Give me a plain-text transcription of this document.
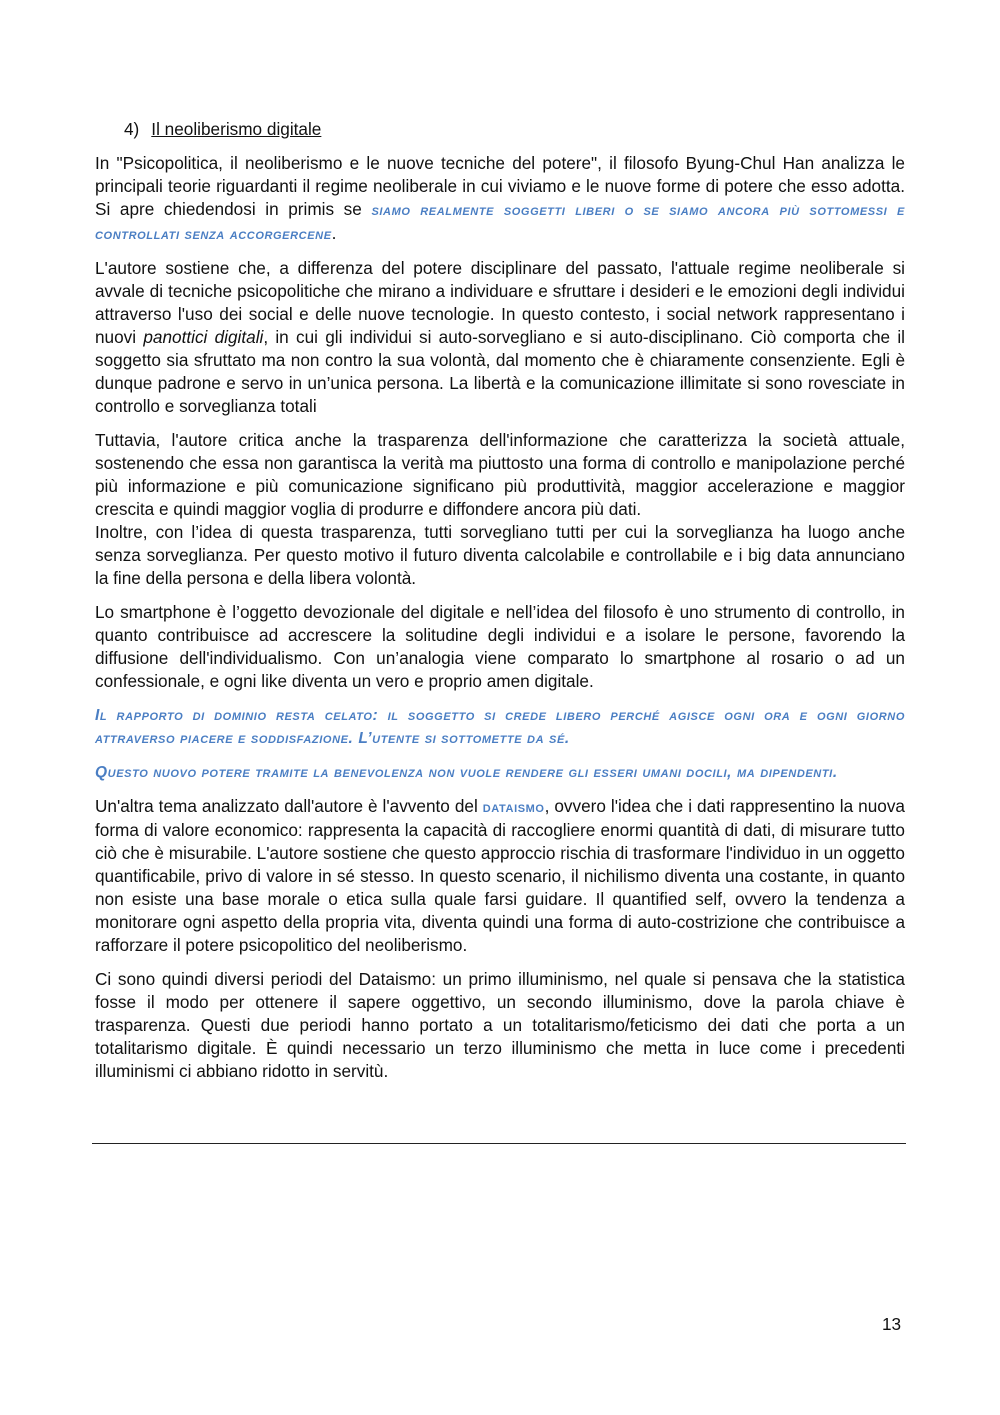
4) Il neoliberismo digitale

In "Psicopolitica, il neoliberismo e le nuove tecniche del potere", il filosofo Byung-Chul Han analizza le principali teorie riguardanti il regime neoliberale in cui viviamo e le nuove forme di potere che esso adotta. Si apre chiedendosi in primis se siamo realmente soggetti liberi o se siamo ancora più sottomessi e controllati senza accorgercene.

L'autore sostiene che, a differenza del potere disciplinare del passato, l'attuale regime neoliberale si avvale di tecniche psicopolitiche che mirano a individuare e sfruttare i desideri e le emozioni degli individui attraverso l'uso dei social e delle nuove tecnologie. In questo contesto, i social network rappresentano i nuovi panottici digitali, in cui gli individui si auto-sorvegliano e si auto-disciplinano. Ciò comporta che il soggetto sia sfruttato ma non contro la sua volontà, dal momento che è chiaramente consenziente. Egli è dunque padrone e servo in un’unica persona. La libertà e la comunicazione illimitate si sono rovesciate in controllo e sorveglianza totali

Tuttavia, l'autore critica anche la trasparenza dell'informazione che caratterizza la società attuale, sostenendo che essa non garantisca la verità ma piuttosto una forma di controllo e manipolazione perché più informazione e più comunicazione significano più produttività, maggior accelerazione e maggior crescita e quindi maggior voglia di produrre e diffondere ancora più dati.

Inoltre, con l’idea di questa trasparenza, tutti sorvegliano tutti per cui la sorveglianza ha luogo anche senza sorveglianza. Per questo motivo il futuro diventa calcolabile e controllabile e i big data annunciano la fine della persona e della libera volontà.

Lo smartphone è l’oggetto devozionale del digitale e nell’idea del filosofo è uno strumento di controllo, in quanto contribuisce ad accrescere la solitudine degli individui e a isolare le persone, favorendo la diffusione dell'individualismo. Con un’analogia viene comparato lo smartphone al rosario o ad un confessionale, e ogni like diventa un vero e proprio amen digitale.

Il rapporto di dominio resta celato: il soggetto si crede libero perché agisce ogni ora e ogni giorno attraverso piacere e soddisfazione. L’utente si sottomette da sé.
Questo nuovo potere tramite la benevolenza non vuole rendere gli esseri umani docili, ma dipendenti.

Un'altra tema analizzato dall'autore è l'avvento del dataismo, ovvero l'idea che i dati rappresentino la nuova forma di valore economico: rappresenta la capacità di raccogliere enormi quantità di dati, di misurare tutto ciò che è misurabile. L'autore sostiene che questo approccio rischia di trasformare l'individuo in un oggetto quantificabile, privo di valore in sé stesso. In questo scenario, il nichilismo diventa una costante, in quanto non esiste una base morale o etica sulla quale farsi guidare. Il quantified self, ovvero la tendenza a monitorare ogni aspetto della propria vita, diventa quindi una forma di auto-costrizione che contribuisce a rafforzare il potere psicopolitico del neoliberismo.

Ci sono quindi diversi periodi del Dataismo: un primo illuminismo, nel quale si pensava che la statistica fosse il modo per ottenere il sapere oggettivo, un secondo illuminismo, dove la parola chiave è trasparenza. Questi due periodi hanno portato a un totalitarismo/feticismo dei dati che porta a un totalitarismo digitale. È quindi necessario un terzo illuminismo che metta in luce come i precedenti illuminismi ci abbiano ridotto in servitù.

13
